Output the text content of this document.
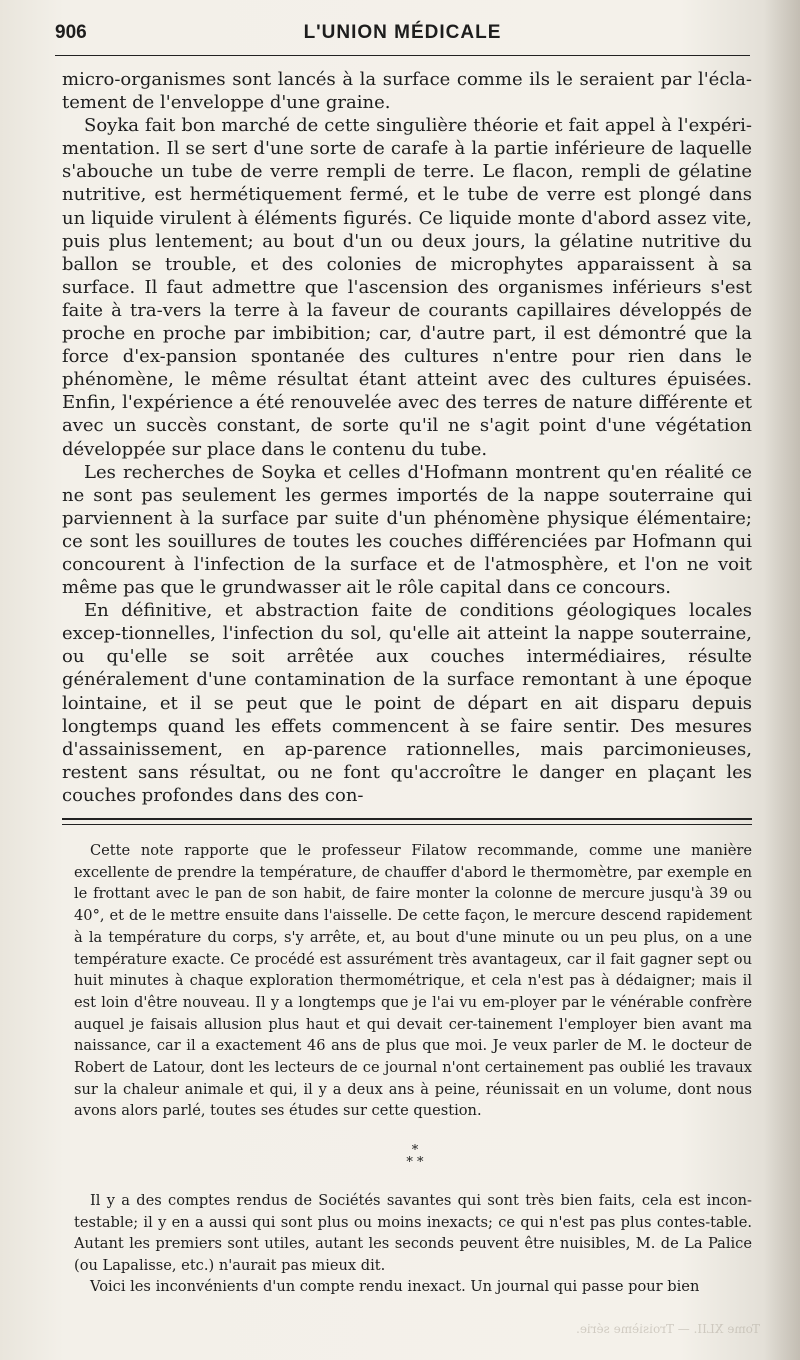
906	L'UNION MÉDICALE

micro-organismes sont lancés à la surface comme ils le seraient par l'écla-tement de l'enveloppe d'une graine.

Soyka fait bon marché de cette singulière théorie et fait appel à l'expéri-mentation. Il se sert d'une sorte de carafe à la partie inférieure de laquelle s'abouche un tube de verre rempli de terre. Le flacon, rempli de gélatine nutritive, est hermétiquement fermé, et le tube de verre est plongé dans un liquide virulent à éléments figurés. Ce liquide monte d'abord assez vite, puis plus lentement; au bout d'un ou deux jours, la gélatine nutritive du ballon se trouble, et des colonies de microphytes apparaissent à sa surface. Il faut admettre que l'ascension des organismes inférieurs s'est faite à tra-vers la terre à la faveur de courants capillaires développés de proche en proche par imbibition; car, d'autre part, il est démontré que la force d'ex-pansion spontanée des cultures n'entre pour rien dans le phénomène, le même résultat étant atteint avec des cultures épuisées. Enfin, l'expérience a été renouvelée avec des terres de nature différente et avec un succès constant, de sorte qu'il ne s'agit point d'une végétation développée sur place dans le contenu du tube.

Les recherches de Soyka et celles d'Hofmann montrent qu'en réalité ce ne sont pas seulement les germes importés de la nappe souterraine qui parviennent à la surface par suite d'un phénomène physique élémentaire; ce sont les souillures de toutes les couches différenciées par Hofmann qui concourent à l'infection de la surface et de l'atmosphère, et l'on ne voit même pas que le grundwasser ait le rôle capital dans ce concours.

En définitive, et abstraction faite de conditions géologiques locales excep-tionnelles, l'infection du sol, qu'elle ait atteint la nappe souterraine, ou qu'elle se soit arrêtée aux couches intermédiaires, résulte généralement d'une contamination de la surface remontant à une époque lointaine, et il se peut que le point de départ en ait disparu depuis longtemps quand les effets commencent à se faire sentir. Des mesures d'assainissement, en ap-parence rationnelles, mais parcimonieuses, restent sans résultat, ou ne font qu'accroître le danger en plaçant les couches profondes dans des con-

Cette note rapporte que le professeur Filatow recommande, comme une manière excellente de prendre la température, de chauffer d'abord le thermomètre, par exemple en le frottant avec le pan de son habit, de faire monter la colonne de mercure jusqu'à 39 ou 40°, et de le mettre ensuite dans l'aisselle. De cette façon, le mercure descend rapidement à la température du corps, s'y arrête, et, au bout d'une minute ou un peu plus, on a une température exacte. Ce procédé est assurément très avantageux, car il fait gagner sept ou huit minutes à chaque exploration thermométrique, et cela n'est pas à dédaigner; mais il est loin d'être nouveau. Il y a longtemps que je l'ai vu em-ployer par le vénérable confrère auquel je faisais allusion plus haut et qui devait cer-tainement l'employer bien avant ma naissance, car il a exactement 46 ans de plus que moi. Je veux parler de M. le docteur de Robert de Latour, dont les lecteurs de ce journal n'ont certainement pas oublié les travaux sur la chaleur animale et qui, il y a deux ans à peine, réunissait en un volume, dont nous avons alors parlé, toutes ses études sur cette question.

*
* *

Il y a des comptes rendus de Sociétés savantes qui sont très bien faits, cela est incon-testable; il y en a aussi qui sont plus ou moins inexacts; ce qui n'est pas plus contes-table. Autant les premiers sont utiles, autant les seconds peuvent être nuisibles, M. de La Palice (ou Lapalisse, etc.) n'aurait pas mieux dit.

Voici les inconvénients d'un compte rendu inexact. Un journal qui passe pour bien

Tome XLII. — Troisième série.
